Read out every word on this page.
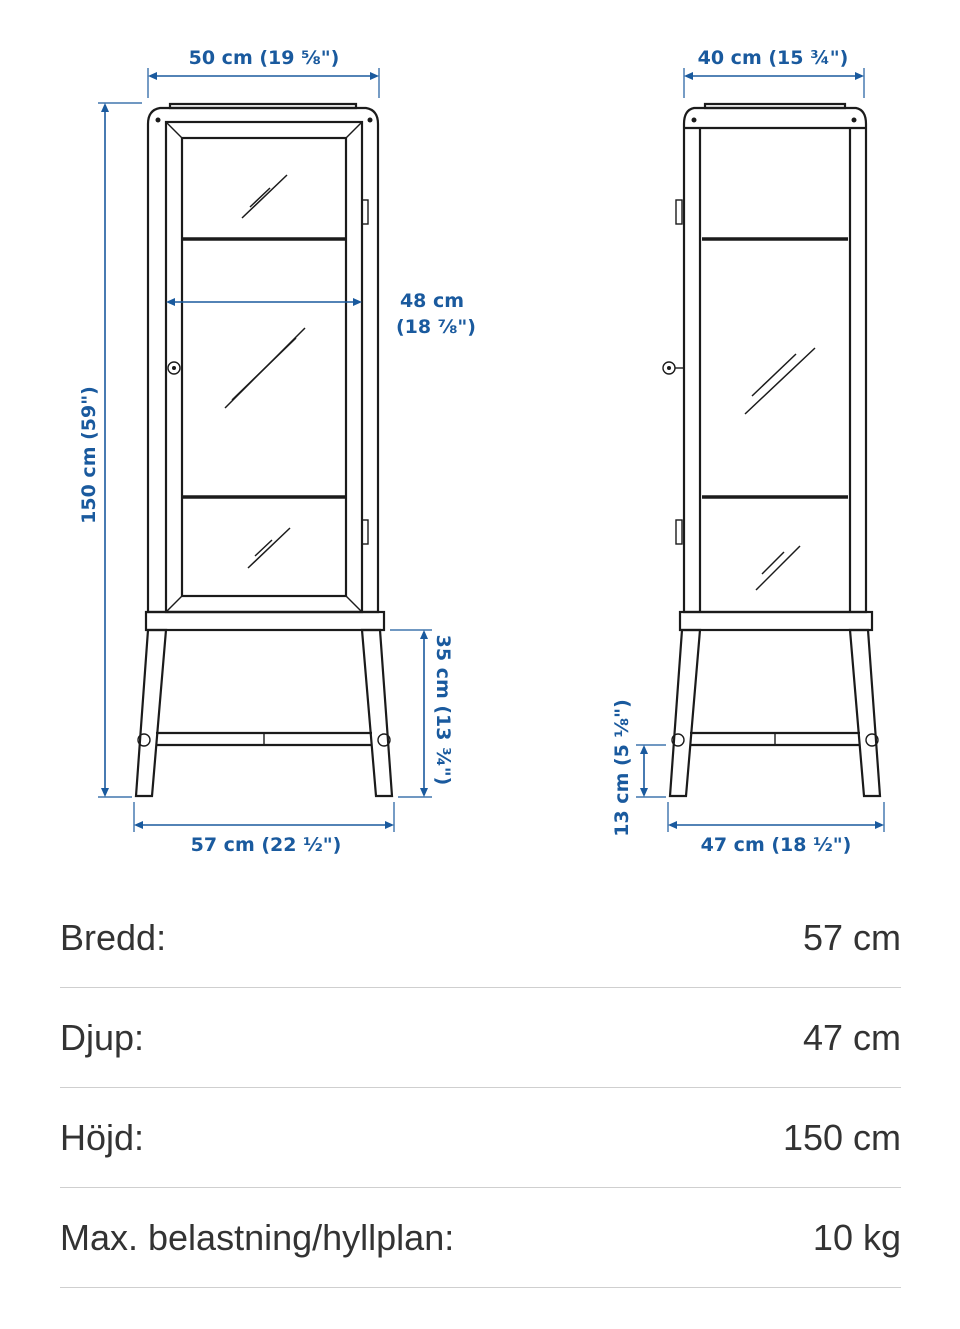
50 cm (19 ⅝")
48 cm
(18 ⅞")
150 cm (59")
35 cm (13 ¾")
57 cm (22 ½")
40 cm (15 ¾")
13 cm (5 ⅛")
47 cm (18 ½")
Bredd:	57 cm
Djup:	47 cm
Höjd:	150 cm
Max. belastning/hyllplan:	10 kg
